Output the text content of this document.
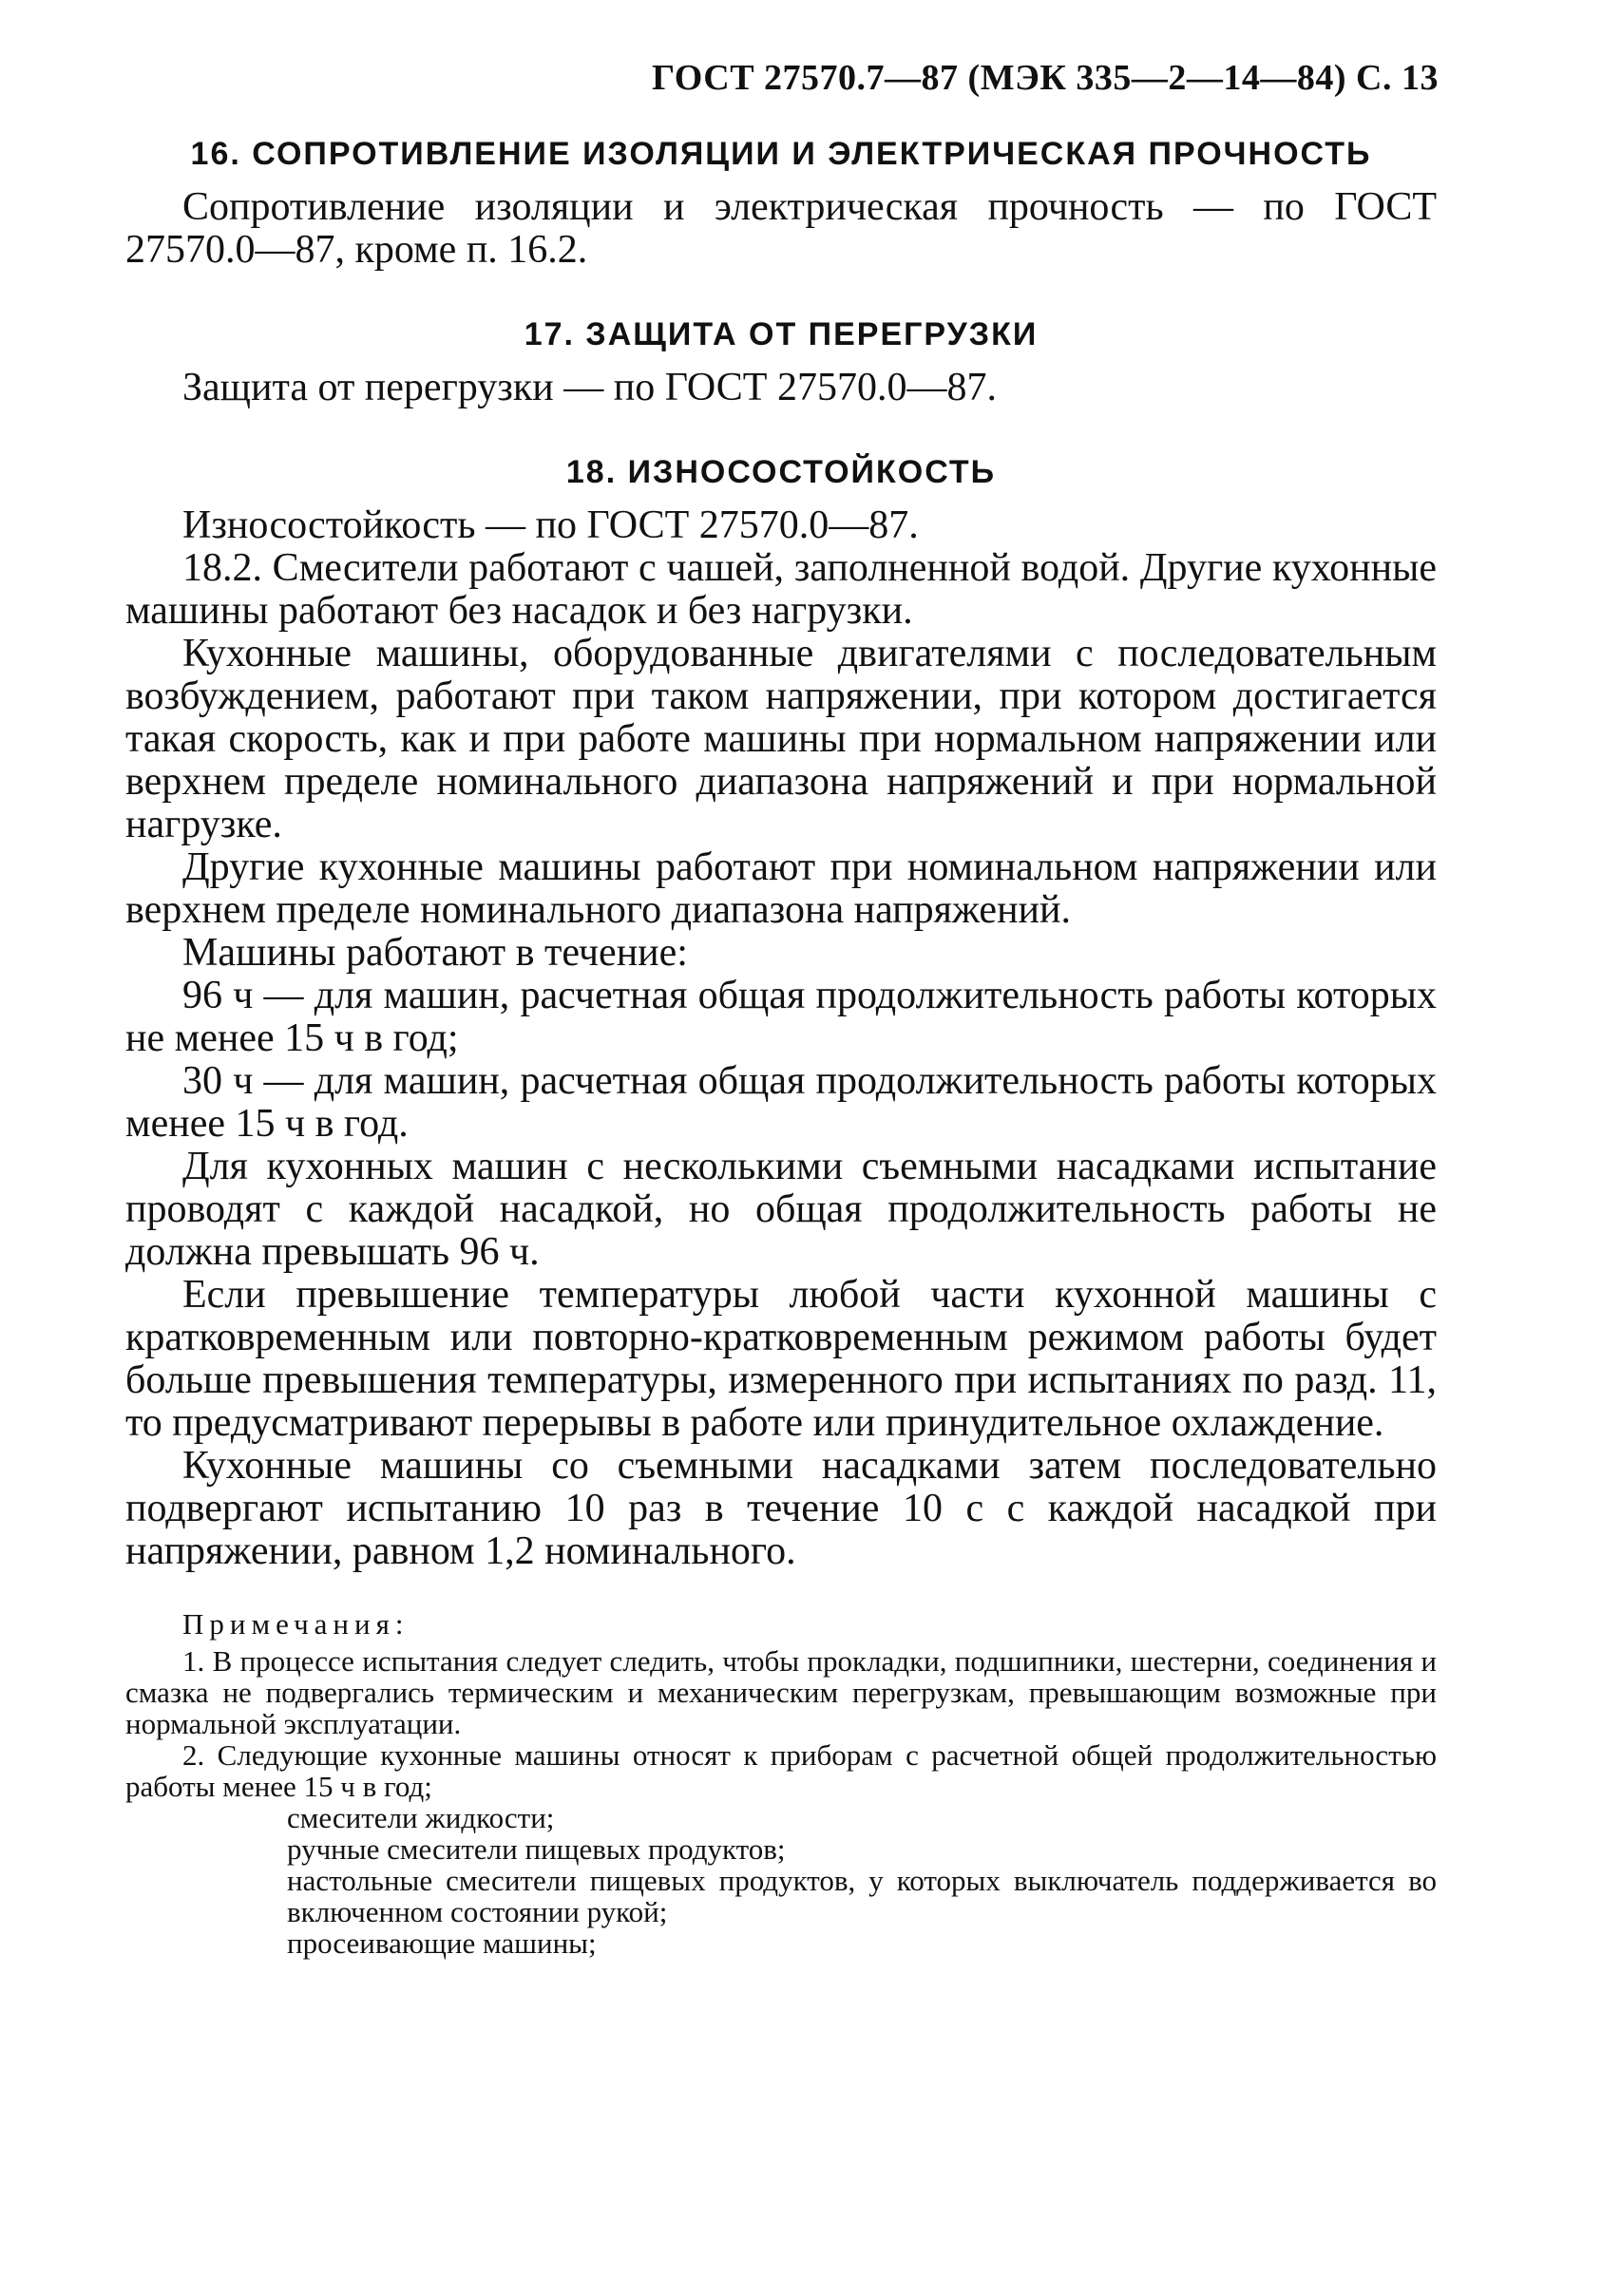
ГОСТ 27570.7—87 (МЭК 335—2—14—84) С. 13
16. СОПРОТИВЛЕНИЕ ИЗОЛЯЦИИ И ЭЛЕКТРИЧЕСКАЯ ПРОЧНОСТЬ

Сопротивление изоляции и электрическая прочность — по ГОСТ 27570.0—87, кроме п. 16.2.

17. ЗАЩИТА ОТ ПЕРЕГРУЗКИ

Защита от перегрузки — по ГОСТ 27570.0—87.

18. ИЗНОСОСТОЙКОСТЬ

Износостойкость — по ГОСТ 27570.0—87.

18.2. Смесители работают с чашей, заполненной водой. Другие кухонные машины работают без насадок и без нагрузки.

Кухонные машины, оборудованные двигателями с последовательным возбуждением, работают при таком напряжении, при котором достигается такая скорость, как и при работе машины при нормальном напряжении или верхнем пределе номинального диапазона напряжений и при нормальной нагрузке.

Другие кухонные машины работают при номинальном напряжении или верхнем пределе номинального диапазона напряжений.

Машины работают в течение:

96 ч — для машин, расчетная общая продолжительность работы которых не менее 15 ч в год;

30 ч — для машин, расчетная общая продолжительность работы которых менее 15 ч в год.

Для кухонных машин с несколькими съемными насадками испытание проводят с каждой насадкой, но общая продолжительность работы не должна превышать 96 ч.

Если превышение температуры любой части кухонной машины с кратковременным или повторно-кратковременным режимом работы будет больше превышения температуры, измеренного при испытаниях по разд. 11, то предусматривают перерывы в работе или принудительное охлаждение.

Кухонные машины со съемными насадками затем последовательно подвергают испытанию 10 раз в течение 10 с с каждой насадкой при напряжении, равном 1,2 номинального.

Примечания:

1. В процессе испытания следует следить, чтобы прокладки, подшипники, шестерни, соединения и смазка не подвергались термическим и механическим перегрузкам, превышающим возможные при нормальной эксплуатации.

2. Следующие кухонные машины относят к приборам с расчетной общей продолжительностью работы менее 15 ч в год;

смесители жидкости;

ручные смесители пищевых продуктов;

настольные смесители пищевых продуктов, у которых выключатель поддерживается во включенном состоянии рукой;

просеивающие машины;
